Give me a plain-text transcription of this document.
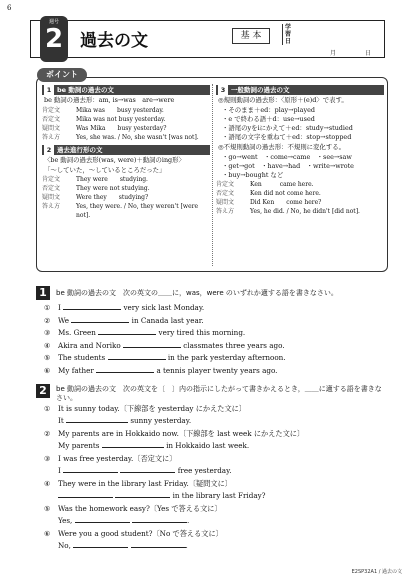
6
週号
2 過去の文	基 本
学習日
月	日
ポイント
1 be 動詞の過去の文
be 動詞の過去形：am, is→was　are→were
肯定文	Mika was　　busy yesterday.
否定文	Mika was not busy yesterday.
疑問文	Was Mika　　busy yesterday?
答え方	Yes, she was. / No, she wasn't [was not].
2 過去進行形の文
〈be 動詞の過去形(was, were)＋動詞のing形〉
「〜していた，〜しているところだった」
肯定文	They were　　studying.
否定文	They were not studying.
疑問文	Were they　　studying?
答え方	Yes, they were. / No, they weren't [were not].
3 一般動詞の過去の文
◎規則動詞の過去形：〈原形＋(e)d〉で表す。
・そのまま＋ed：play→played
・e で終わる語＋d：use→used
・語尾のyをiにかえて＋ed：study→studied
・語尾の文字を重ねて＋ed：stop→stopped
◎不規則動詞の過去形：不規則に変化する。
・go→went　・come→came　・see→saw
・get→got　・have→had　・write→wrote
・buy→bought など
肯定文	Ken　　　came here.
否定文	Ken did not come here.
疑問文	Did Ken　　come here?
答え方	Yes, he did. / No, he didn't [did not].
1	be 動詞の過去の文　次の英文の＿＿に，was，were のいずれか適する語を書きなさい。
① I	very sick last Monday.
② We	in Canada last year.
③ Ms. Green	very tired this morning.
④ Akira and Noriko	classmates three years ago.
⑤ The students	in the park yesterday afternoon.
⑥ My father	a tennis player twenty years ago.
2	be 動詞の過去の文　次の英文を〔　〕内の指示にしたがって書きかえるとき，＿＿に適する語を書きなさい。
① It is sunny today.〔下線部を yesterday にかえた文に〕
It	sunny yesterday.
② My parents are in Hokkaido now.〔下線部を last week にかえた文に〕
My parents	in Hokkaido last week.
③ I was free yesterday.〔否定文に〕
I	free yesterday.
④ They were in the library last Friday.〔疑問文に〕
in the library last Friday?
⑤ Was the homework easy?〔Yes で答える文に〕
Yes,	.
⑥ Were you a good student?〔No で答える文に〕
No,	.
E2SP32A1 / 過去の文
